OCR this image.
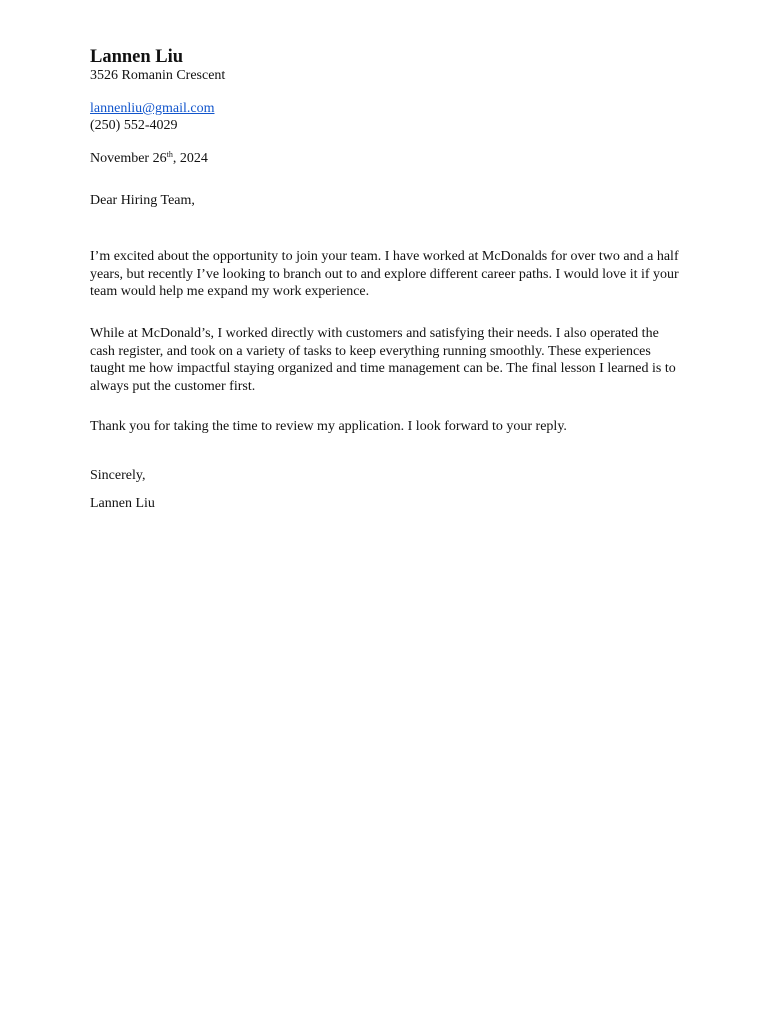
Lannen Liu
3526 Romanin Crescent
lannenliu@gmail.com
(250) 552-4029
November 26th, 2024
Dear Hiring Team,

I’m excited about the opportunity to join your team. I have worked at McDonalds for over two and a half years, but recently I’ve looking to branch out to and explore different career paths. I would love it if your team would help me expand my work experience.

While at McDonald’s, I worked directly with customers and satisfying their needs. I also operated the cash register, and took on a variety of tasks to keep everything running smoothly. These experiences taught me how impactful staying organized and time management can be. The final lesson I learned is to always put the customer first.

Thank you for taking the time to review my application. I look forward to your reply.

Sincerely,
Lannen Liu
